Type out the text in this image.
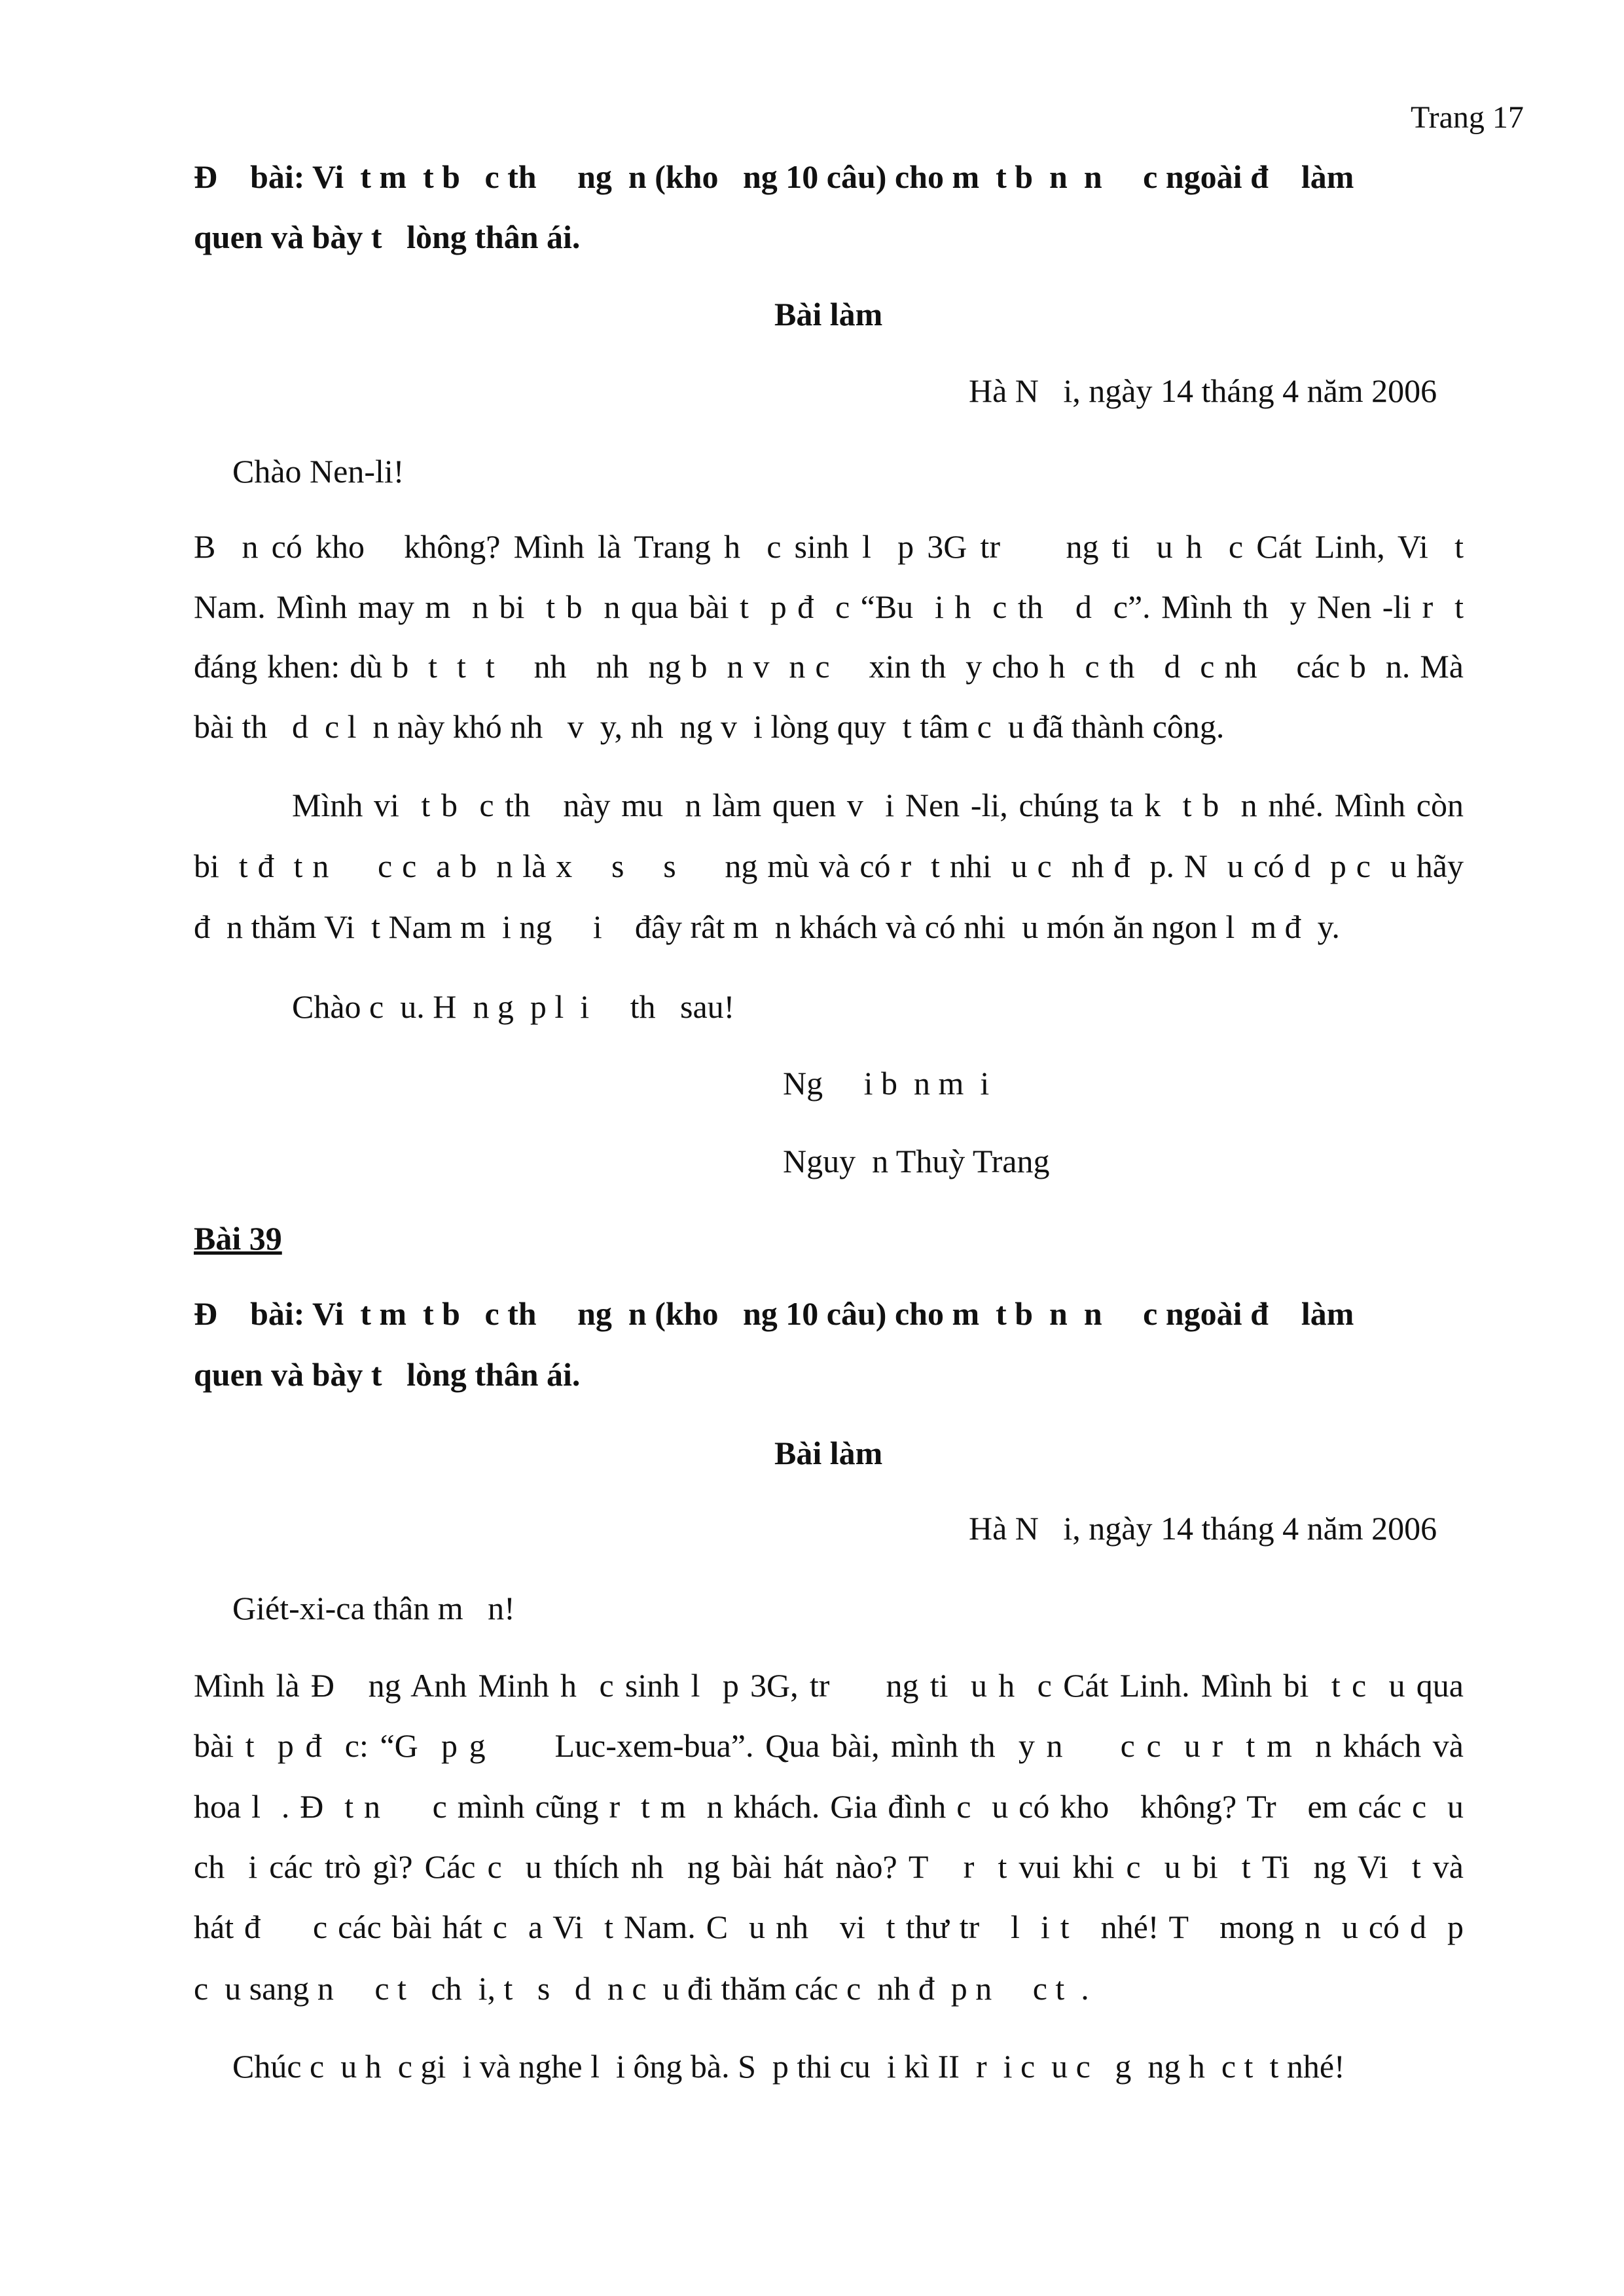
Trang 17
Đ    bài: Vi  t m  t b   c th     ng  n (kho   ng 10 câu) cho m  t b  n  n     c ngoài đ    làm
quen và bày t   lòng thân ái.
Bài làm
Hà N   i, ngày 14 tháng 4 năm 2006
Chào Nen-li!
B  n có kho   không? Mình là Trang h  c sinh l  p 3G tr     ng ti  u h  c Cát Linh, Vi  t
Nam. Mình may m  n bi  t b  n qua bài t  p đ  c “Bu  i h  c th   d  c”. Mình th  y Nen -li r  t
đáng khen: dù b  t  t  t    nh   nh  ng b  n v  n c    xin th  y cho h  c th   d  c nh    các b  n. Mà
bài th   d  c l  n này khó nh   v  y, nh  ng v  i lòng quy  t tâm c  u đã thành công.
Mình vi  t b  c th   này mu  n làm quen v  i Nen -li, chúng ta k  t b  n nhé. Mình còn
bi  t đ  t n     c c  a b  n là x    s    s     ng mù và có r  t nhi  u c  nh đ  p. N  u có d  p c  u hãy
đ  n thăm Vi  t Nam m  i ng     i    đây rât m  n khách và có nhi  u món ăn ngon l  m đ  y.
Chào c  u. H  n g  p l  i     th   sau!
Ng     i b  n m  i
Nguy  n Thuỳ Trang
Bài 39
Đ    bài: Vi  t m  t b   c th     ng  n (kho   ng 10 câu) cho m  t b  n  n     c ngoài đ    làm
quen và bày t   lòng thân ái.
Bài làm
Hà N   i, ngày 14 tháng 4 năm 2006
Giét-xi-ca thân m   n!
Mình là Đ   ng Anh Minh h  c sinh l  p 3G, tr     ng ti  u h  c Cát Linh. Mình bi  t c  u qua
bài t  p đ  c: “G  p g      Luc-xem-bua”. Qua bài, mình th  y n     c c  u r  t m  n khách và
hoa l  . Đ  t n     c mình cũng r  t m  n khách. Gia đình c  u có kho   không? Tr   em các c  u
ch  i các trò gì? Các c  u thích nh  ng bài hát nào? T   r  t vui khi c  u bi  t Ti  ng Vi  t và
hát đ     c các bài hát c  a Vi  t Nam. C  u nh   vi  t thư tr   l  i t   nhé! T   mong n  u có d  p
c  u sang n     c t   ch  i, t   s   d  n c  u đi thăm các c  nh đ  p n     c t  .
Chúc c  u h  c gi  i và nghe l  i ông bà. S  p thi cu  i kì II  r  i c  u c   g  ng h  c t  t nhé!
